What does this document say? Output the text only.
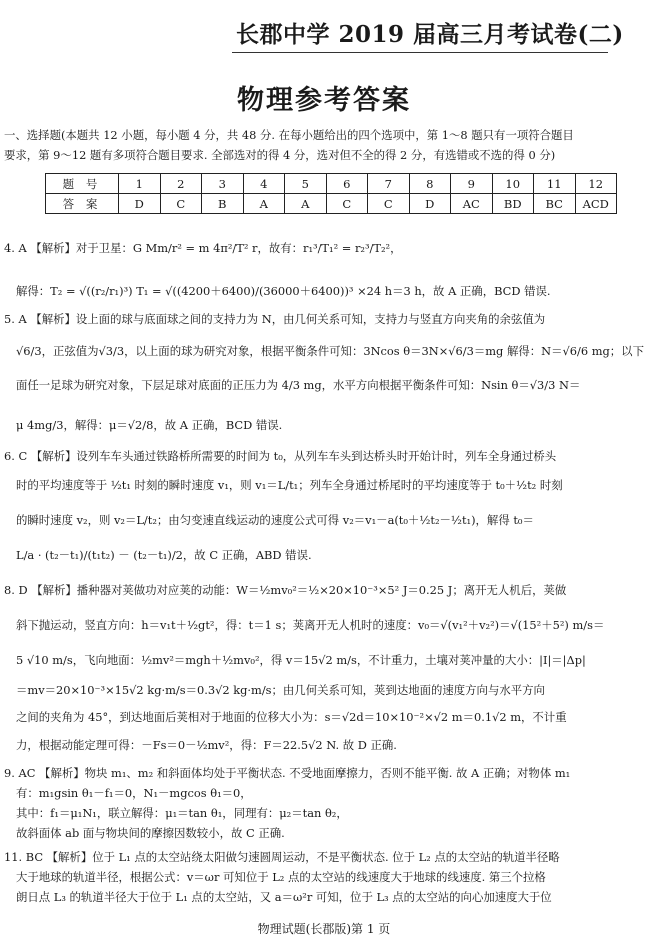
长郡中学 2019 届高三月考试卷(二)
物理参考答案
一、选择题(本题共 12 小题，每小题 4 分，共 48 分. 在每小题给出的四个选项中，第 1～8 题只有一项符合题目
要求，第 9～12 题有多项符合题目要求. 全部选对的得 4 分，选对但不全的得 2 分，有选错或不选的得 0 分)
题 号	1	2	3	4	5	6	7	8	9	10	11	12
答 案	D	C	B	A	A	C	C	D	AC	BD	BC	ACD
4. A 【解析】对于卫星：G Mm/r² = m 4π²/T² r，故有：r₁³/T₁² = r₂³/T₂²，
解得：T₂ = √((r₂/r₁)³) T₁ = √((4200＋6400)/(36000＋6400))³ ×24 h＝3 h，故 A 正确，BCD 错误.
5. A 【解析】设上面的球与底面球之间的支持力为 N，由几何关系可知，支持力与竖直方向夹角的余弦值为
√6/3，正弦值为√3/3，以上面的球为研究对象，根据平衡条件可知：3Ncos θ＝3N×√6/3＝mg 解得：N＝√6/6 mg；以下
面任一足球为研究对象，下层足球对底面的正压力为 4/3 mg，水平方向根据平衡条件可知：Nsin θ＝√3/3 N＝
μ 4mg/3，解得：μ＝√2/8，故 A 正确，BCD 错误.
6. C 【解析】设列车车头通过铁路桥所需要的时间为 t₀，从列车车头到达桥头时开始计时，列车全身通过桥头
时的平均速度等于 ½t₁ 时刻的瞬时速度 v₁，则 v₁＝L/t₁；列车全身通过桥尾时的平均速度等于 t₀＋½t₂ 时刻
的瞬时速度 v₂，则 v₂＝L/t₂；由匀变速直线运动的速度公式可得 v₂＝v₁－a(t₀＋½t₂－½t₁)，解得 t₀＝
L/a · (t₂－t₁)/(t₁t₂) － (t₂－t₁)/2，故 C 正确，ABD 错误.
8. D 【解析】播种器对荚做功对应荚的动能：W＝½mv₀²＝½×20×10⁻³×5² J＝0.25 J；离开无人机后，荚做
斜下抛运动，竖直方向：h＝v₁t＋½gt²，得：t＝1 s；荚离开无人机时的速度：v₀＝√(v₁²＋v₂²)＝√(15²＋5²) m/s＝
5 √10 m/s，飞向地面：½mv²＝mgh＋½mv₀²，得 v＝15√2 m/s，不计重力，土壤对荚冲量的大小：|I|＝|Δp|
＝mv＝20×10⁻³×15√2 kg·m/s＝0.3√2 kg·m/s；由几何关系可知，荚到达地面的速度方向与水平方向
之间的夹角为 45°，到达地面后荚相对于地面的位移大小为：s＝√2d＝10×10⁻²×√2 m＝0.1√2 m，不计重
力，根据动能定理可得：－Fs＝0－½mv²，得：F＝22.5√2 N. 故 D 正确.
9. AC 【解析】物块 m₁、m₂ 和斜面体均处于平衡状态. 不受地面摩擦力，否则不能平衡. 故 A 正确；对物体 m₁
有：m₁gsin θ₁－f₁＝0，N₁－mgcos θ₁＝0，
其中：f₁＝μ₁N₁，联立解得：μ₁＝tan θ₁，同理有：μ₂＝tan θ₂，
故斜面体 ab 面与物块间的摩擦因数较小，故 C 正确.
11. BC 【解析】位于 L₁ 点的太空站绕太阳做匀速圆周运动，不是平衡状态. 位于 L₂ 点的太空站的轨道半径略
大于地球的轨道半径，根据公式：v＝ωr 可知位于 L₂ 点的太空站的线速度大于地球的线速度. 第三个拉格
朗日点 L₃ 的轨道半径大于位于 L₁ 点的太空站，又 a＝ω²r 可知，位于 L₃ 点的太空站的向心加速度大于位
物理试题(长郡版)第 1 页
